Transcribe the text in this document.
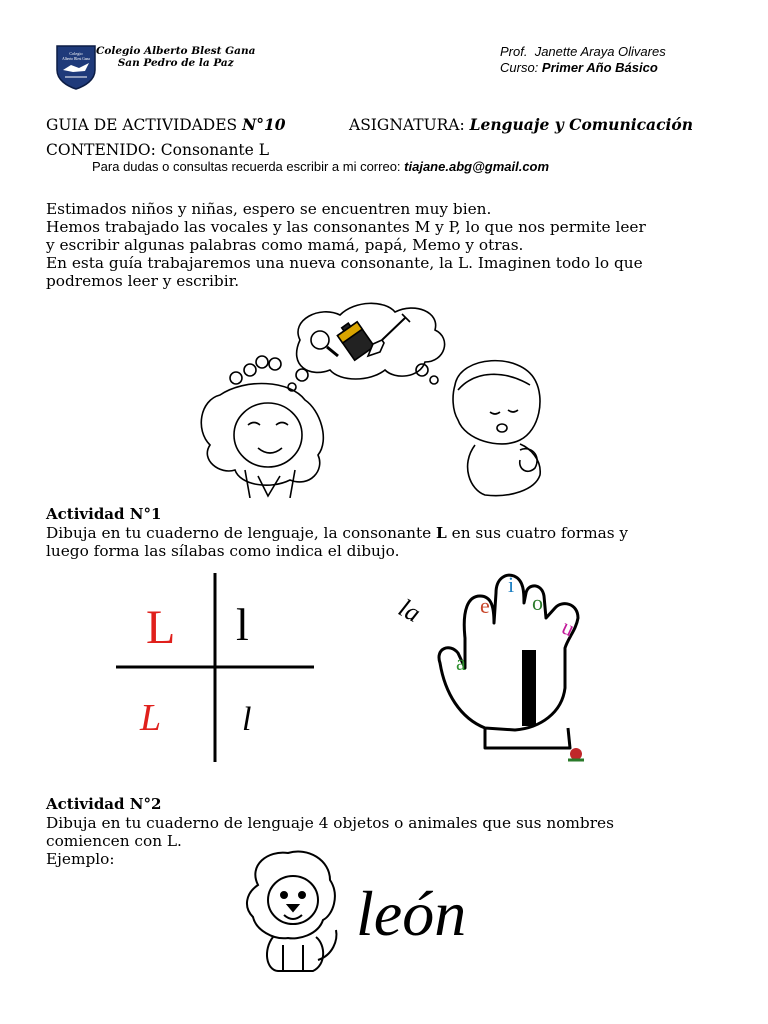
Colegio
Alberto Blest Gana
Colegio Alberto Blest Gana
San Pedro de la Paz
Prof. Janette Araya Olivares
Curso: Primer Año Básico
GUIA DE ACTIVIDADES N°10	ASIGNATURA: Lenguaje y Comunicación
CONTENIDO: Consonante L
Para dudas o consultas recuerda escribir a mi correo: tiajane.abg@gmail.com
Estimados niños y niñas, espero se encuentren muy bien.
Hemos trabajado las vocales y las consonantes M y P, lo que nos permite leer
y escribir algunas palabras como mamá, papá, Memo y otras.
En esta guía trabajaremos una nueva consonante, la L. Imaginen todo lo que
podremos leer y escribir.
Actividad N°1
Dibuja en tu cuaderno de lenguaje, la consonante L en sus cuatro formas y
luego forma las sílabas como indica el dibujo.
L l
L l
e
i
o
u
a
la
Actividad N°2
Dibuja en tu cuaderno de lenguaje 4 objetos o animales que sus nombres
comiencen con L.
Ejemplo:
león
